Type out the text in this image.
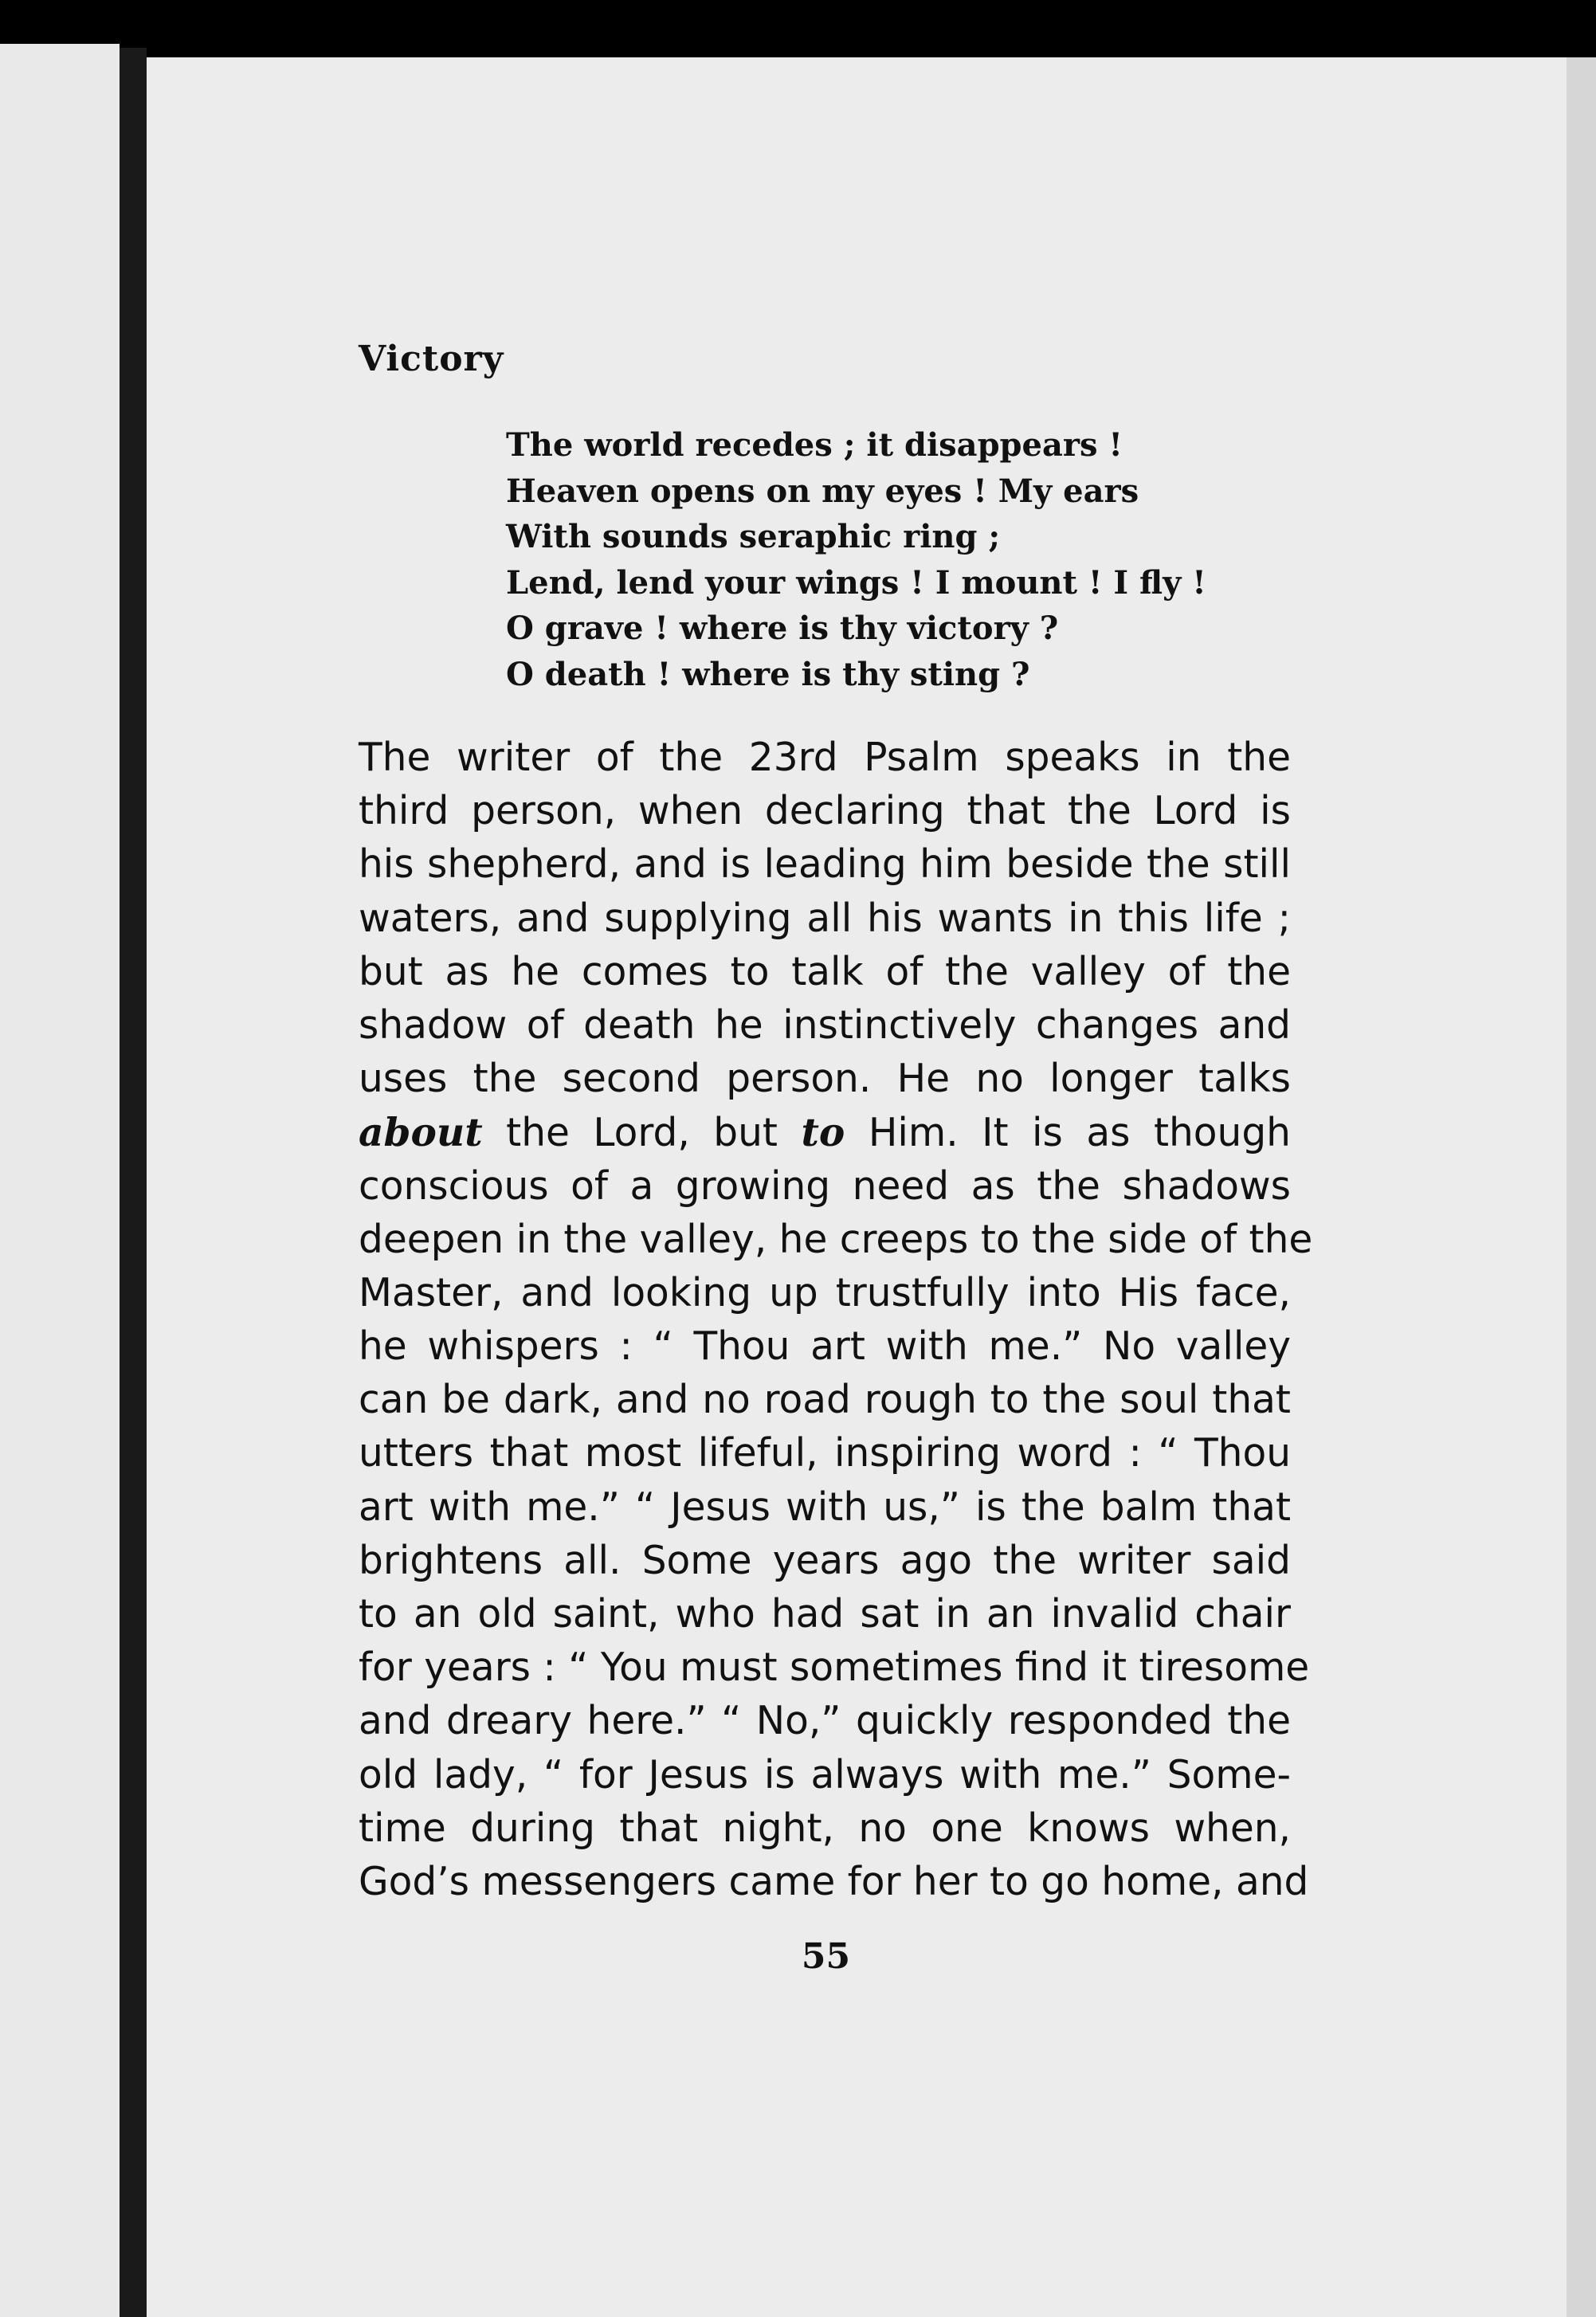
Victory
The world recedes ; it disappears !
Heaven opens on my eyes ! My ears
With sounds seraphic ring ;
Lend, lend your wings ! I mount ! I fly !
O grave ! where is thy victory ?
O death ! where is thy sting ?
The writer of the 23rd Psalm speaks in the
third person, when declaring that the Lord is
his shepherd, and is leading him beside the still
waters, and supplying all his wants in this life ;
but as he comes to talk of the valley of the
shadow of death he instinctively changes and
uses the second person. He no longer talks
about the Lord, but to Him. It is as though
conscious of a growing need as the shadows
deepen in the valley, he creeps to the side of the
Master, and looking up trustfully into His face,
he whispers : “ Thou art with me.” No valley
can be dark, and no road rough to the soul that
utters that most lifeful, inspiring word : “ Thou
art with me.” “ Jesus with us,” is the balm that
brightens all. Some years ago the writer said
to an old saint, who had sat in an invalid chair
for years : “ You must sometimes find it tiresome
and dreary here.” “ No,” quickly responded the
old lady, “ for Jesus is always with me.” Some-
time during that night, no one knows when,
God’s messengers came for her to go home, and
55
